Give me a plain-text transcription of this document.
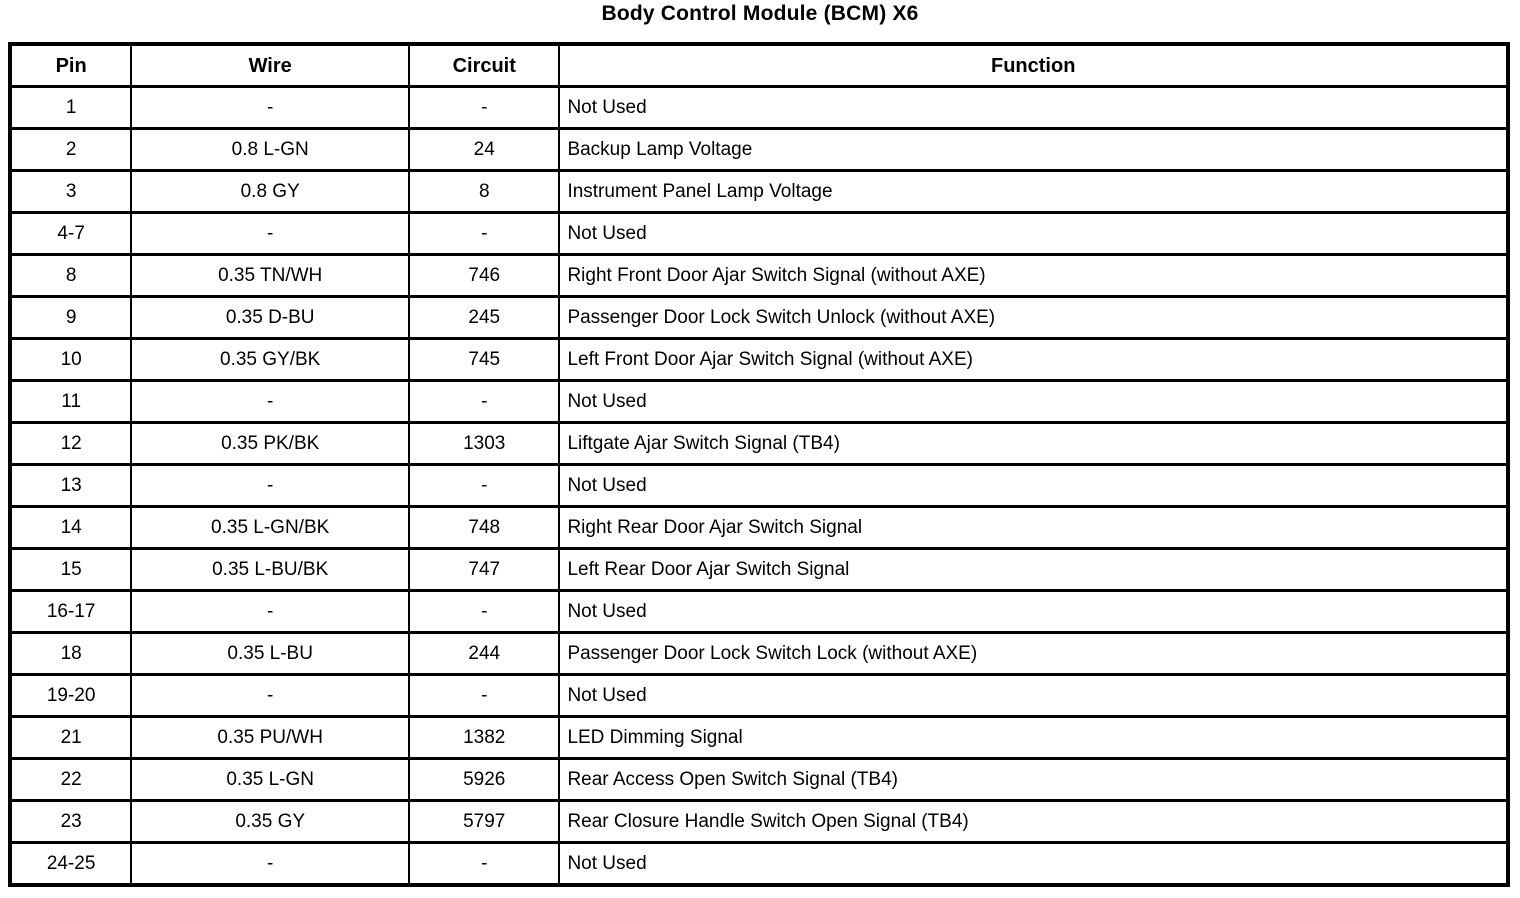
Body Control Module (BCM) X6
Pin	Wire	Circuit	Function
1	-	-	Not Used
2	0.8 L-GN	24	Backup Lamp Voltage
3	0.8 GY	8	Instrument Panel Lamp Voltage
4-7	-	-	Not Used
8	0.35 TN/WH	746	Right Front Door Ajar Switch Signal (without AXE)
9	0.35 D-BU	245	Passenger Door Lock Switch Unlock (without AXE)
10	0.35 GY/BK	745	Left Front Door Ajar Switch Signal (without AXE)
11	-	-	Not Used
12	0.35 PK/BK	1303	Liftgate Ajar Switch Signal (TB4)
13	-	-	Not Used
14	0.35 L-GN/BK	748	Right Rear Door Ajar Switch Signal
15	0.35 L-BU/BK	747	Left Rear Door Ajar Switch Signal
16-17	-	-	Not Used
18	0.35 L-BU	244	Passenger Door Lock Switch Lock (without AXE)
19-20	-	-	Not Used
21	0.35 PU/WH	1382	LED Dimming Signal
22	0.35 L-GN	5926	Rear Access Open Switch Signal (TB4)
23	0.35 GY	5797	Rear Closure Handle Switch Open Signal (TB4)
24-25	-	-	Not Used
